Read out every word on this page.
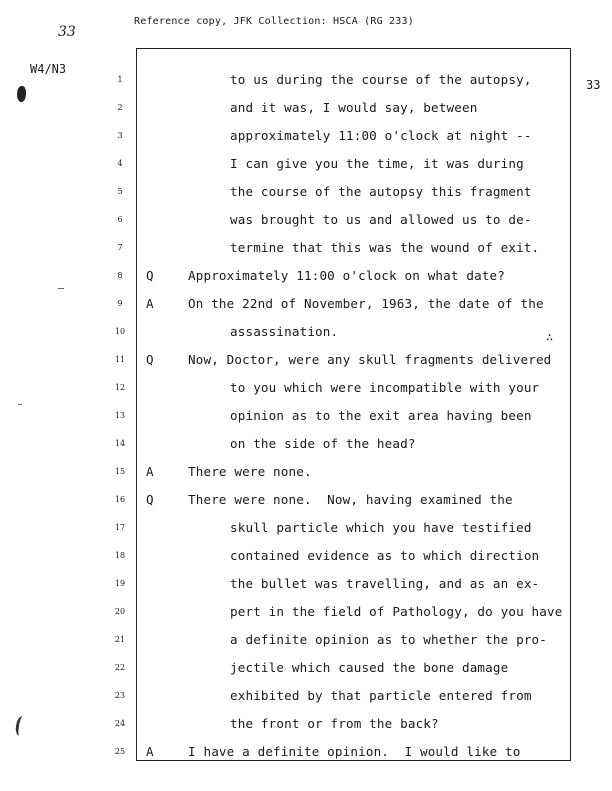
Reference copy, JFK Collection: HSCA (RG 233)
33
W4/N3
33
∴
1	to us during the course of the autopsy,
2	and it was, I would say, between
3	approximately 11:00 o'clock at night --
4	I can give you the time, it was during
5	the course of the autopsy this fragment
6	was brought to us and allowed us to de-
7	termine that this was the wound of exit.
8	Q	Approximately 11:00 o'clock on what date?
9	A	On the 22nd of November, 1963, the date of the
10	assassination.
11 Q	Now, Doctor, were any skull fragments delivered
12	to you which were incompatible with your
13	opinion as to the exit area having been
14	on the side of the head?
15 A	There were none.
16 Q	There were none.  Now, having examined the
17	skull particle which you have testified
18	contained evidence as to which direction
19	the bullet was travelling, and as an ex-
20	pert in the field of Pathology, do you have
21	a definite opinion as to whether the pro-
22	jectile which caused the bone damage
23	exhibited by that particle entered from
24	the front or from the back?
25 A	I have a definite opinion.  I would like to
